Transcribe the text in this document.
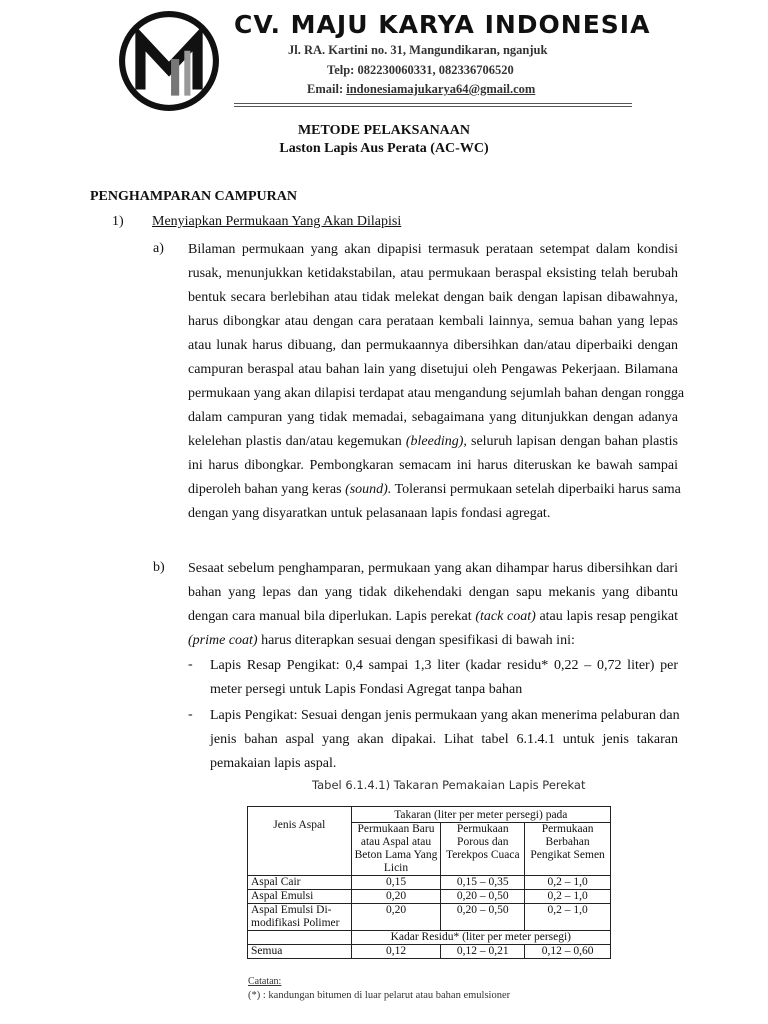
CV. MAJU KARYA INDONESIA
Jl. RA. Kartini no. 31, Mangundikaran, nganjuk
Telp: 082230060331, 082336706520
Email: indonesiamajukarya64@gmail.com
METODE PELAKSANAAN
Laston Lapis Aus Perata (AC-WC)
PENGHAMPARAN CAMPURAN
1) Menyiapkan Permukaan Yang Akan Dilapisi
a) Bilaman permukaan yang akan dipapisi termasuk perataan setempat dalam kondisi
rusak, menunjukkan ketidakstabilan, atau permukaan beraspal eksisting telah berubah
bentuk secara berlebihan atau tidak melekat dengan baik dengan lapisan dibawahnya,
harus dibongkar atau dengan cara perataan kembali lainnya, semua bahan yang lepas
atau lunak harus dibuang, dan permukaannya dibersihkan dan/atau diperbaiki dengan
campuran beraspal atau bahan lain yang disetujui oleh Pengawas Pekerjaan. Bilamana
permukaan yang akan dilapisi terdapat atau mengandung sejumlah bahan dengan rongga
dalam campuran yang tidak memadai, sebagaimana yang ditunjukkan dengan adanya
kelelehan plastis dan/atau kegemukan (bleeding), seluruh lapisan dengan bahan plastis
ini harus dibongkar. Pembongkaran semacam ini harus diteruskan ke bawah sampai
diperoleh bahan yang keras (sound). Toleransi permukaan setelah diperbaiki harus sama
dengan yang disyaratkan untuk pelasanaan lapis fondasi agregat.
b) Sesaat sebelum penghamparan, permukaan yang akan dihampar harus dibersihkan dari
bahan yang lepas dan yang tidak dikehendaki dengan sapu mekanis yang dibantu
dengan cara manual bila diperlukan. Lapis perekat (tack coat) atau lapis resap pengikat
(prime coat) harus diterapkan sesuai dengan spesifikasi di bawah ini:
- Lapis Resap Pengikat: 0,4 sampai 1,3 liter (kadar residu* 0,22 – 0,72 liter) per
meter persegi untuk Lapis Fondasi Agregat tanpa bahan
- Lapis Pengikat: Sesuai dengan jenis permukaan yang akan menerima pelaburan dan
jenis bahan aspal yang akan dipakai. Lihat tabel 6.1.4.1 untuk jenis takaran
pemakaian lapis aspal.
Tabel 6.1.4.1) Takaran Pemakaian Lapis Perekat
Jenis Aspal	Takaran (liter per meter persegi) pada		
	Permukaan Baru atau Aspal atau Beton Lama Yang Licin	Permukaan Porous dan Terekpos Cuaca	Permukaan Berbahan Pengikat Semen
Aspal Cair	0,15	0,15 – 0,35	0,2 – 1,0
Aspal Emulsi	0,20	0,20 – 0,50	0,2 – 1,0
Aspal Emulsi Di-modifikasi Polimer	0,20	0,20 – 0,50	0,2 – 1,0
	Kadar Residu* (liter per meter persegi)		
Semua	0,12	0,12 – 0,21	0,12 – 0,60
Catatan:
(*) : kandungan bitumen di luar pelarut atau bahan emulsioner
